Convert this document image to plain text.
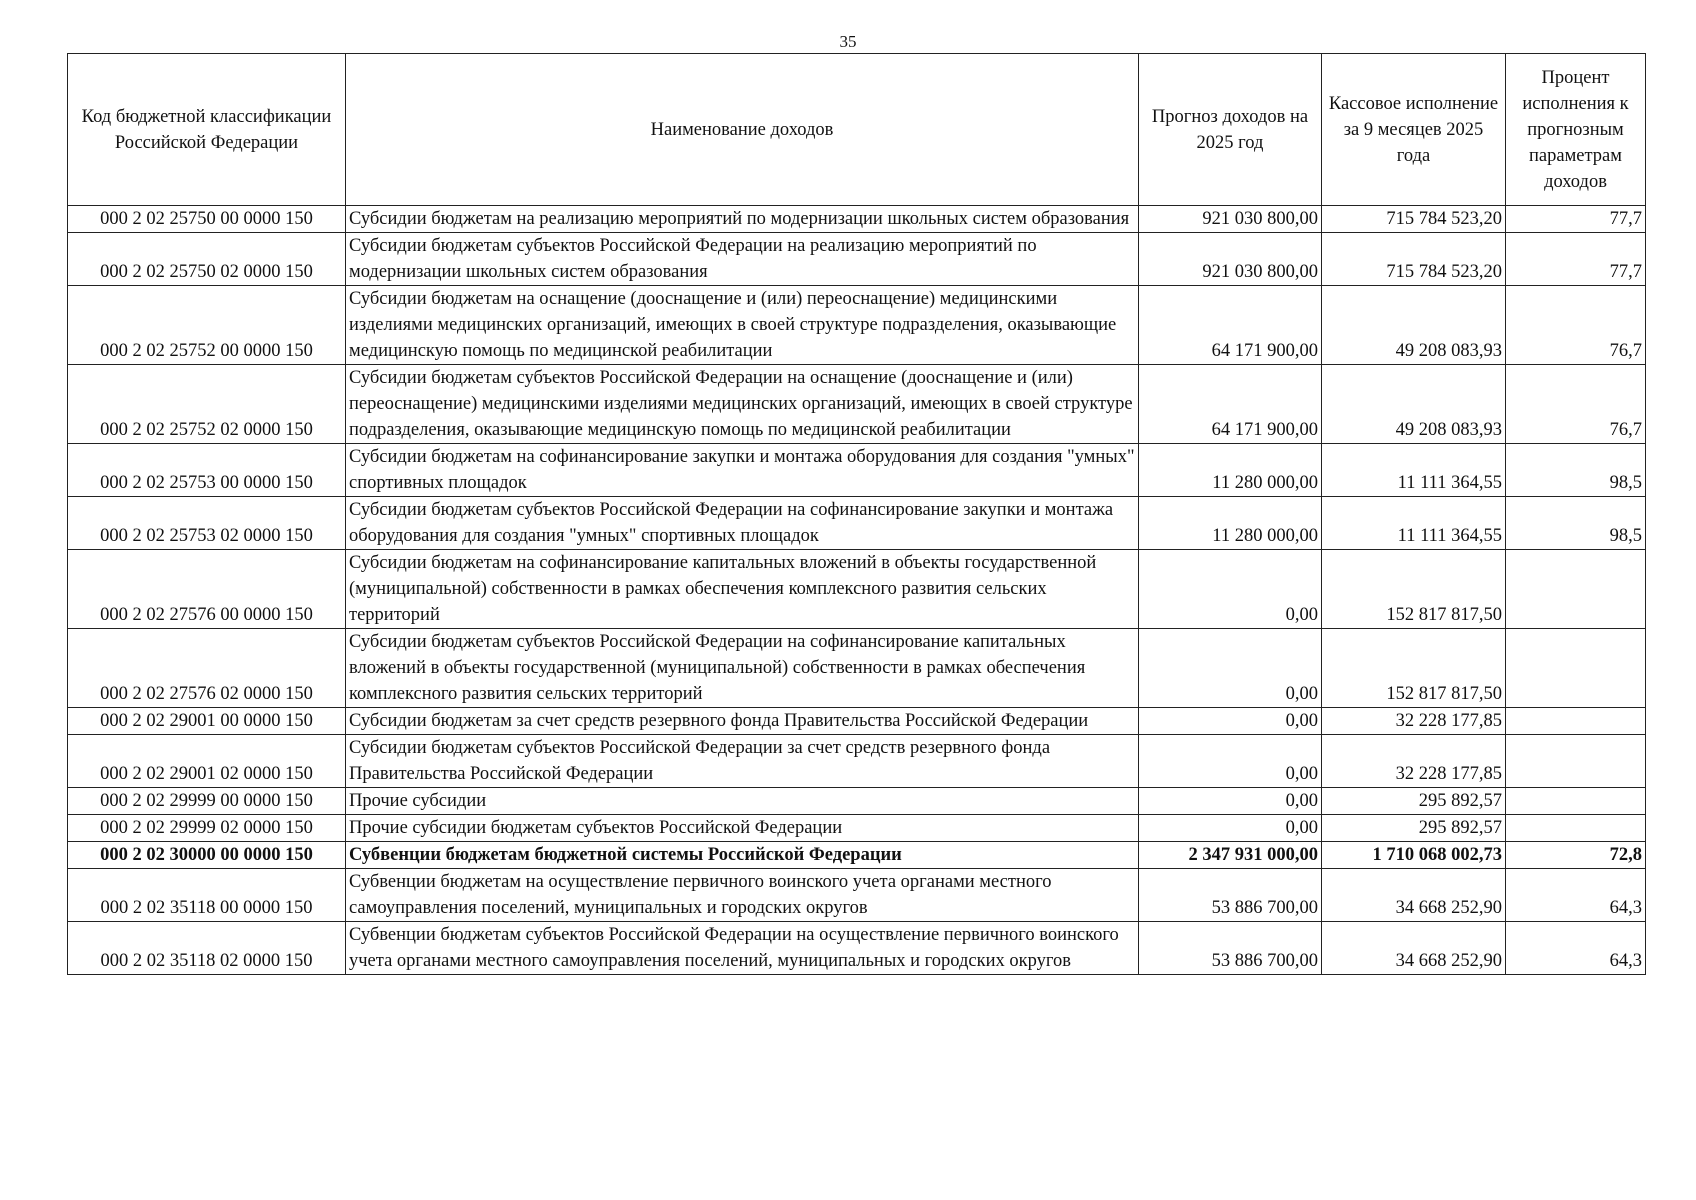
35
Код бюджетной классификации Российской Федерации	Наименование доходов	Прогноз доходов на 2025 год	Кассовое исполнение за 9 месяцев 2025 года	Процент исполнения к прогнозным параметрам доходов
000 2 02 25750 00 0000 150	Субсидии бюджетам на реализацию мероприятий по модернизации школьных систем образования	921 030 800,00	715 784 523,20	77,7
000 2 02 25750 02 0000 150	Субсидии бюджетам субъектов Российской Федерации на реализацию мероприятий по модернизации школьных систем образования	921 030 800,00	715 784 523,20	77,7
000 2 02 25752 00 0000 150	Субсидии бюджетам на оснащение (дооснащение и (или) переоснащение) медицинскими изделиями медицинских организаций, имеющих в своей структуре подразделения, оказывающие медицинскую помощь по медицинской реабилитации	64 171 900,00	49 208 083,93	76,7
000 2 02 25752 02 0000 150	Субсидии бюджетам субъектов Российской Федерации на оснащение (дооснащение и (или) переоснащение) медицинскими изделиями медицинских организаций, имеющих в своей структуре подразделения, оказывающие медицинскую помощь по медицинской реабилитации	64 171 900,00	49 208 083,93	76,7
000 2 02 25753 00 0000 150	Субсидии бюджетам на софинансирование закупки и монтажа оборудования для создания "умных" спортивных площадок	11 280 000,00	11 111 364,55	98,5
000 2 02 25753 02 0000 150	Субсидии бюджетам субъектов Российской Федерации на софинансирование закупки и монтажа оборудования для создания "умных" спортивных площадок	11 280 000,00	11 111 364,55	98,5
000 2 02 27576 00 0000 150	Субсидии бюджетам на софинансирование капитальных вложений в объекты государственной (муниципальной) собственности в рамках обеспечения комплексного развития сельских территорий	0,00	152 817 817,50	
000 2 02 27576 02 0000 150	Субсидии бюджетам субъектов Российской Федерации на софинансирование капитальных вложений в объекты государственной (муниципальной) собственности в рамках обеспечения комплексного развития сельских территорий	0,00	152 817 817,50	
000 2 02 29001 00 0000 150	Субсидии бюджетам за счет средств резервного фонда Правительства Российской Федерации	0,00	32 228 177,85	
000 2 02 29001 02 0000 150	Субсидии бюджетам субъектов Российской Федерации за счет средств резервного фонда Правительства Российской Федерации	0,00	32 228 177,85	
000 2 02 29999 00 0000 150	Прочие субсидии	0,00	295 892,57	
000 2 02 29999 02 0000 150	Прочие субсидии бюджетам субъектов Российской Федерации	0,00	295 892,57	
000 2 02 30000 00 0000 150	Субвенции бюджетам бюджетной системы Российской Федерации	2 347 931 000,00	1 710 068 002,73	72,8
000 2 02 35118 00 0000 150	Субвенции бюджетам на осуществление первичного воинского учета органами местного самоуправления поселений, муниципальных и городских округов	53 886 700,00	34 668 252,90	64,3
000 2 02 35118 02 0000 150	Субвенции бюджетам субъектов Российской Федерации на осуществление первичного воинского учета органами местного самоуправления поселений, муниципальных и городских округов	53 886 700,00	34 668 252,90	64,3
